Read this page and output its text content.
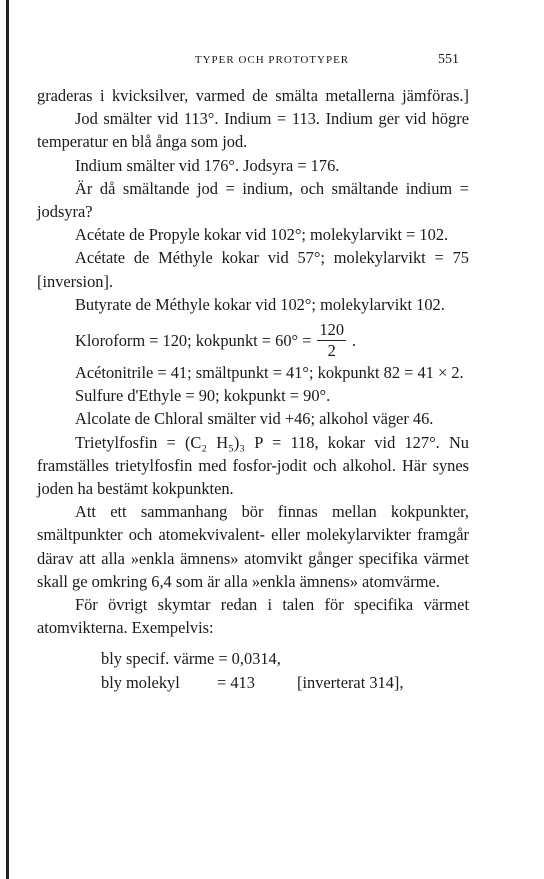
TYPER OCH PROTOTYPER	551

graderas i kvicksilver, varmed de smälta metallerna jämföras.]

Jod smälter vid 113°. Indium = 113. Indium ger vid högre temperatur en blå ånga som jod.

Indium smälter vid 176°. Jodsyra = 176.

Är då smältande jod = indium, och smältande indium = jodsyra?

Acétate de Propyle kokar vid 102°; molekylarvikt = 102.

Acétate de Méthyle kokar vid 57°; molekylarvikt = 75 [inversion].

Butyrate de Méthyle kokar vid 102°; molekylarvikt 102.

Kloroform = 120; kokpunkt = $60^\circ = \frac{120}{2}$ .

Acétonitrile = 41; smältpunkt = 41°; kokpunkt 82 = 41 × 2.

Sulfure d'Ethyle = 90; kokpunkt = 90°.

Alcolate de Chloral smälter vid +46; alkohol väger 46.

Trietylfosfin = (C₂ H₅)₃ P = 118, kokar vid 127°. Nu framställes trietylfosfin med fosfor-jodit och alkohol. Här synes joden ha bestämt kokpunkten.

Att ett sammanhang bör finnas mellan kokpunkter, smältpunkter och atomekvivalent- eller molekylarvikter framgår därav att alla »enkla ämnens» atomvikt gånger specifika värmet skall ge omkring 6,4 som är alla »enkla ämnens» atomvärme.

För övrigt skymtar redan i talen för specifika värmet atomvikterna. Exempelvis:

bly specif. värme = 0,0314,
bly molekyl	= 413	[inverterat 314],
